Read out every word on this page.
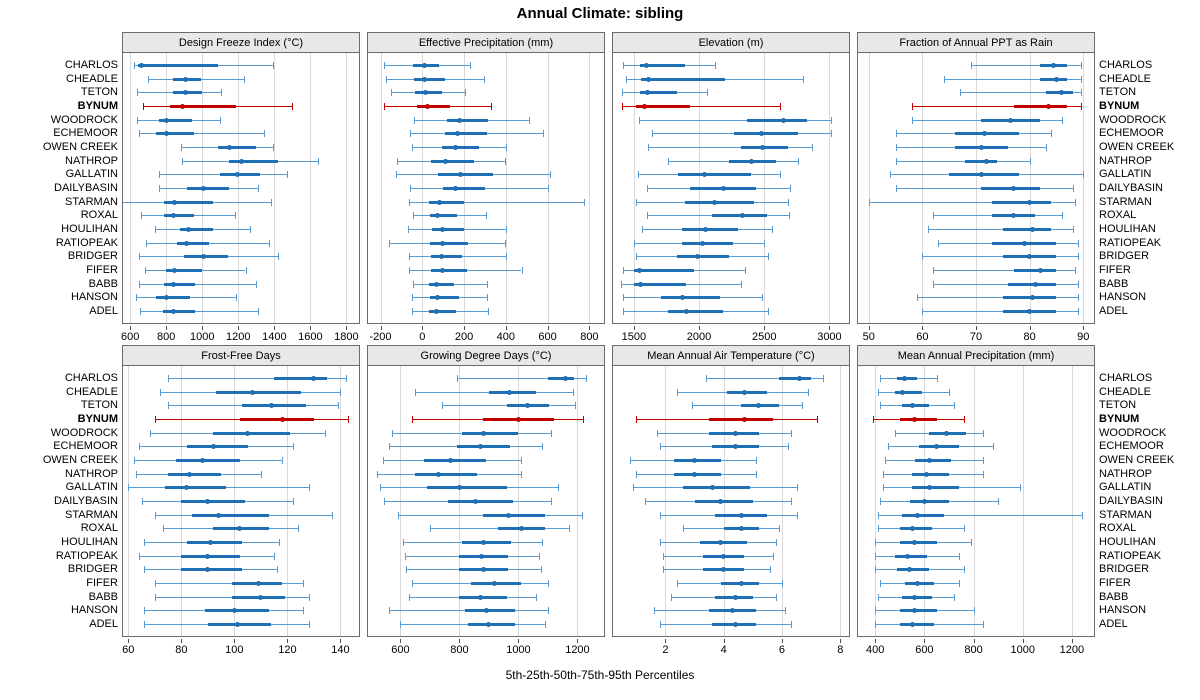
Annual Climate: sibling
5th-25th-50th-75th-95th Percentiles
Design Freeze Index (°C)
600 800 1000 1200 1400 1600 1800
Effective Precipitation (mm)
-200	0	200 400 600 800
Elevation (m)
1500	2000	2500	3000
Fraction of Annual PPT as Rain
50	60	70	80	90
Frost-Free Days
60	80	100	120	140
Growing Degree Days (°C)
600	800	1000	1200
Mean Annual Air Temperature (°C)
2	4	6	8
Mean Annual Precipitation (mm)
400	600	800	1000 1200
CHARLOS
CHEADLE
TETON
BYNUM
WOODROCK
ECHEMOOR
OWEN CREEK
NATHROP
GALLATIN
DAILYBASIN
STARMAN
ROXAL
HOULIHAN
RATIOPEAK
BRIDGER
FIFER
BABB
HANSON
ADEL
CHARLOS
CHEADLE
TETON
BYNUM
WOODROCK
ECHEMOOR
OWEN CREEK
NATHROP
GALLATIN
DAILYBASIN
STARMAN
ROXAL
HOULIHAN
RATIOPEAK
BRIDGER
FIFER
BABB
HANSON
ADEL
CHARLOS
CHEADLE
TETON
BYNUM
WOODROCK
ECHEMOOR
OWEN CREEK
NATHROP
GALLATIN
DAILYBASIN
STARMAN
ROXAL
HOULIHAN
RATIOPEAK
BRIDGER
FIFER
BABB
HANSON
ADEL
CHARLOS
CHEADLE
TETON
BYNUM
WOODROCK
ECHEMOOR
OWEN CREEK
NATHROP
GALLATIN
DAILYBASIN
STARMAN
ROXAL
HOULIHAN
RATIOPEAK
BRIDGER
FIFER
BABB
HANSON
ADEL
